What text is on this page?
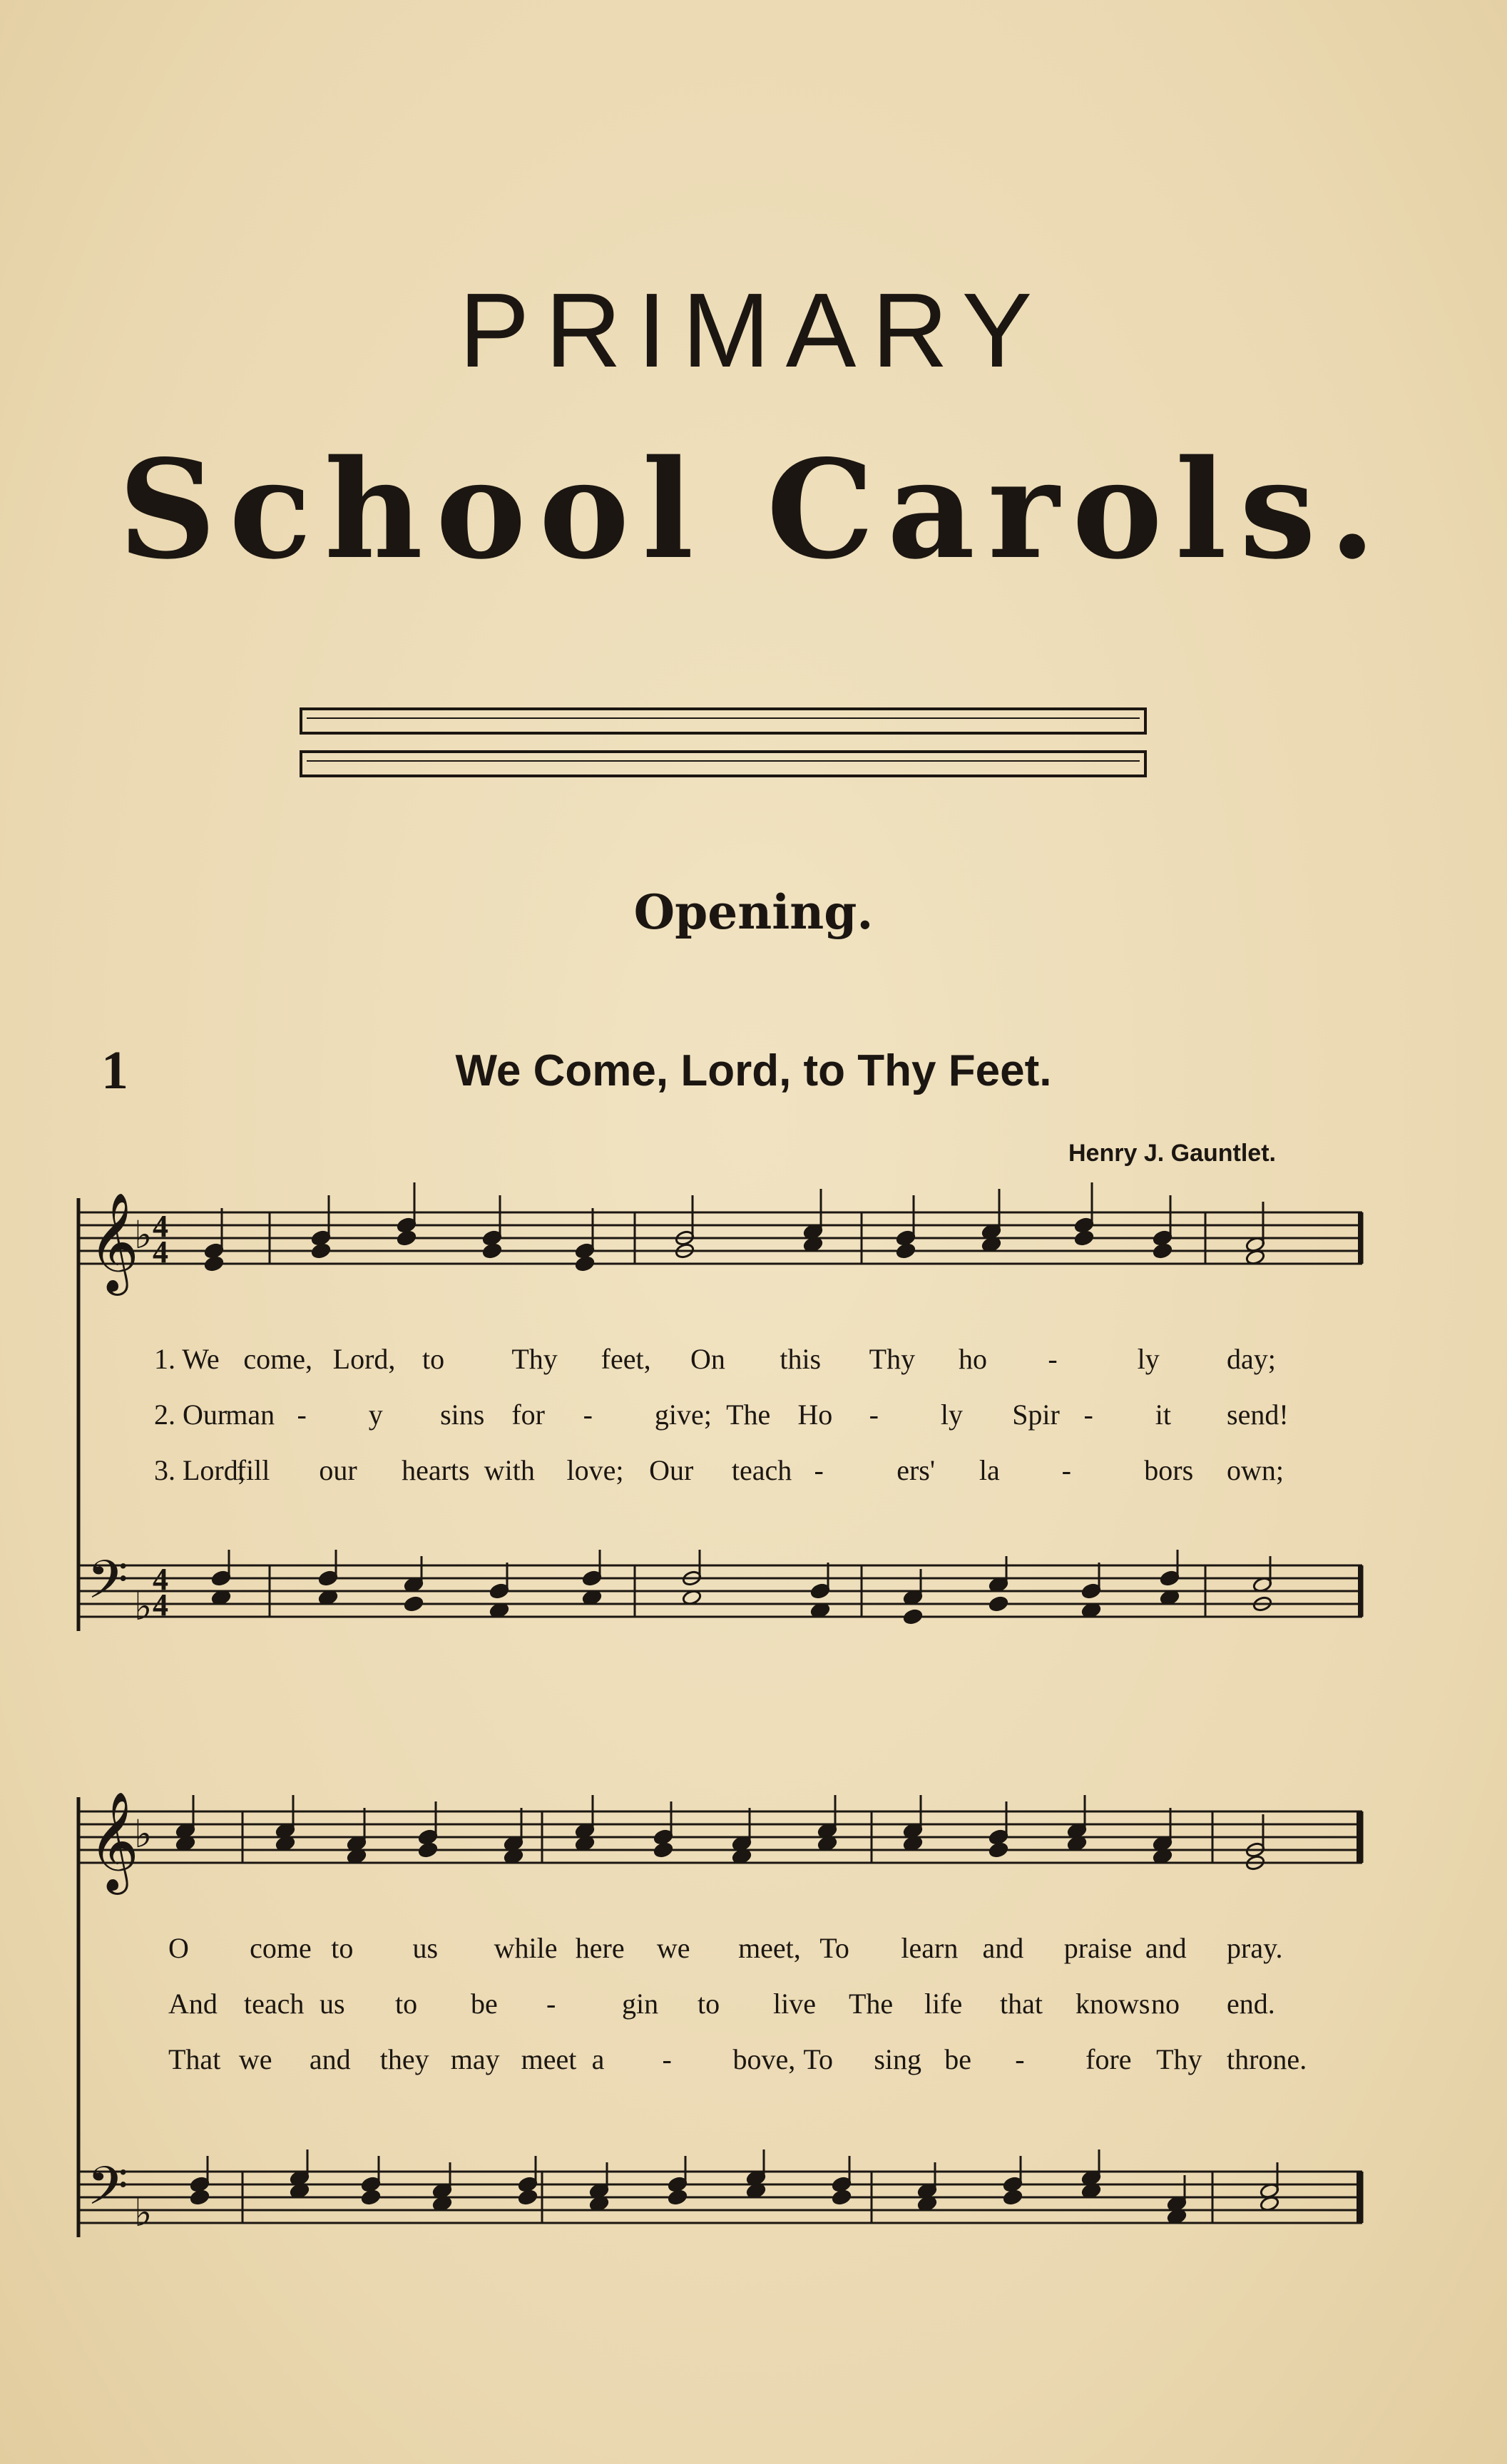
PRIMARY
School Carols.
Opening.
1	We Come, Lord, to Thy Feet.
Henry J. Gauntlet.
𝄞
𝄢
♭
♭
4
4
4
4
𝄞
𝄢
♭
♭
1. We come, Lord, to Thy feet, On this Thy ho -	ly day;
2. Our
man - y sins for - give; The Ho - ly Spir - it send!
3. Lord,
fill our hearts with love; Our teach -	ers' la -	bors own;
O come to us while here we meet, To learn and praise and pray.
And teach us to be - gin to live The life that knows no end.
That we and they may meet a - bove, To sing be - fore Thy throne.
